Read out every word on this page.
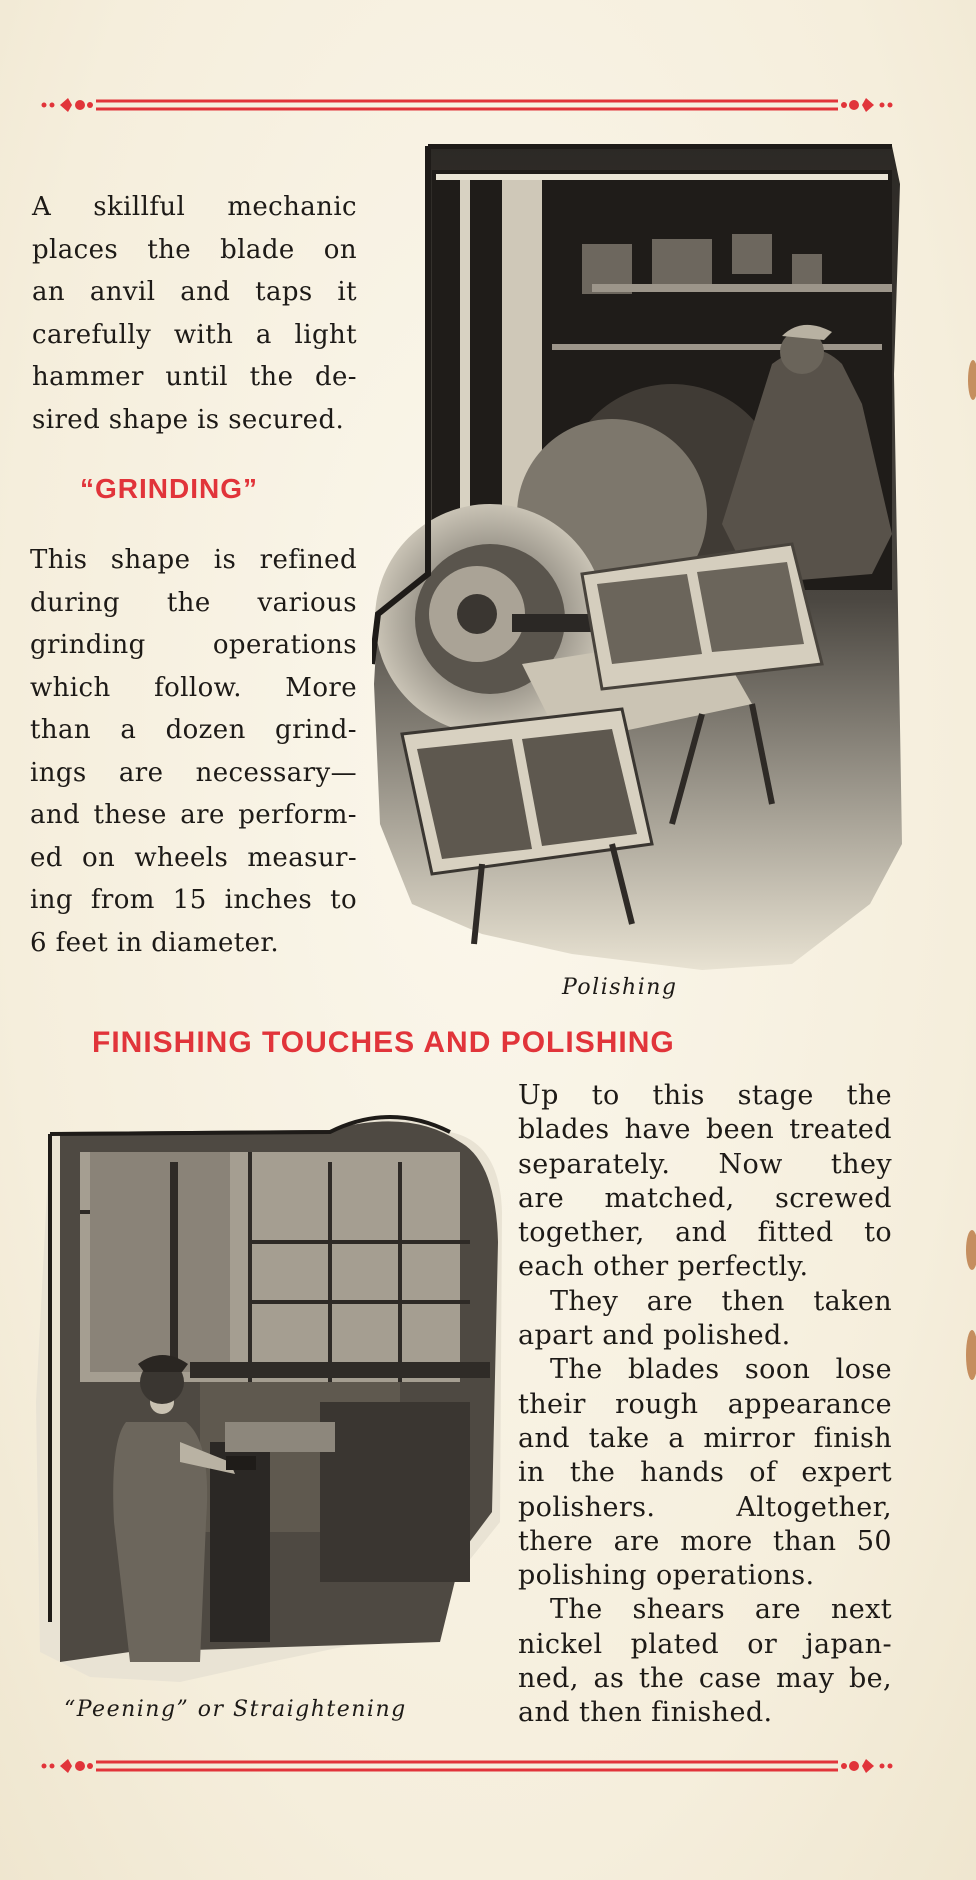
A skillful mechanic
places the blade on
an anvil and taps it
carefully with a light
hammer until the de-
sired shape is secured.
“GRINDING”
This shape is refined
during the various
grinding operations
which follow. More
than a dozen grind-
ings are necessary—
and these are perform-
ed on wheels measur-
ing from 15 inches to
6 feet in diameter.

Polishing

FINISHING TOUCHES AND POLISHING

“Peening” or Straightening

Up to this stage the
blades have been treated
separately. Now they
are matched, screwed
together, and fitted to
each other perfectly.
They are then taken
apart and polished.
The blades soon lose
their rough appearance
and take a mirror finish
in the hands of expert
polishers. Altogether,
there are more than 50
polishing operations.
The shears are next
nickel plated or japan-
ned, as the case may be,
and then finished.
